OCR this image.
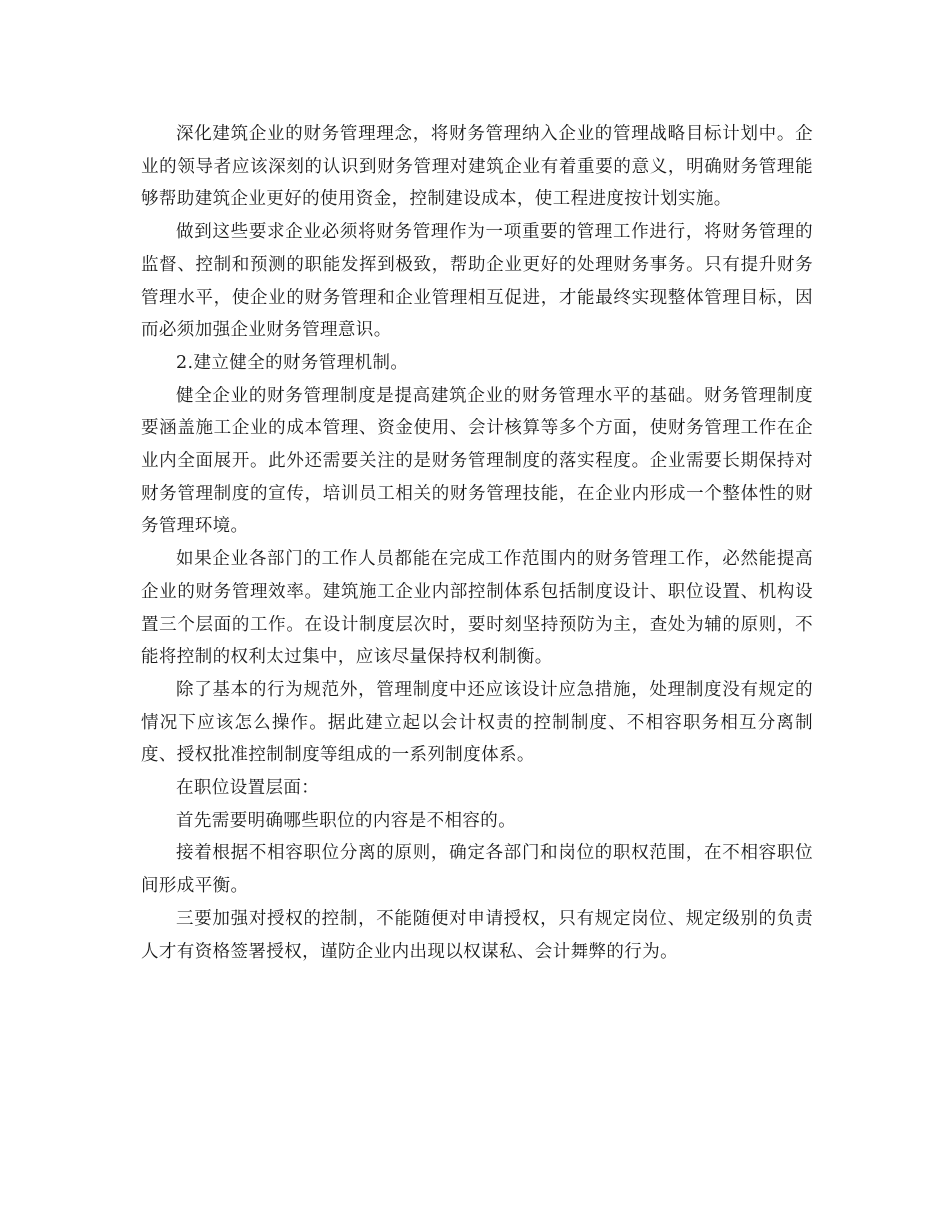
深化建筑企业的财务管理理念，将财务管理纳入企业的管理战略目标计划中。企业的领导者应该深刻的认识到财务管理对建筑企业有着重要的意义，明确财务管理能够帮助建筑企业更好的使用资金，控制建设成本，使工程进度按计划实施。

做到这些要求企业必须将财务管理作为一项重要的管理工作进行，将财务管理的监督、控制和预测的职能发挥到极致，帮助企业更好的处理财务事务。只有提升财务管理水平，使企业的财务管理和企业管理相互促进，才能最终实现整体管理目标，因而必须加强企业财务管理意识。

2.建立健全的财务管理机制。

健全企业的财务管理制度是提高建筑企业的财务管理水平的基础。财务管理制度要涵盖施工企业的成本管理、资金使用、会计核算等多个方面，使财务管理工作在企业内全面展开。此外还需要关注的是财务管理制度的落实程度。企业需要长期保持对财务管理制度的宣传，培训员工相关的财务管理技能，在企业内形成一个整体性的财务管理环境。

如果企业各部门的工作人员都能在完成工作范围内的财务管理工作，必然能提高企业的财务管理效率。建筑施工企业内部控制体系包括制度设计、职位设置、机构设置三个层面的工作。在设计制度层次时，要时刻坚持预防为主，查处为辅的原则，不能将控制的权利太过集中，应该尽量保持权利制衡。

除了基本的行为规范外，管理制度中还应该设计应急措施，处理制度没有规定的情况下应该怎么操作。据此建立起以会计权责的控制制度、不相容职务相互分离制度、授权批准控制制度等组成的一系列制度体系。

在职位设置层面：

首先需要明确哪些职位的内容是不相容的。

接着根据不相容职位分离的原则，确定各部门和岗位的职权范围，在不相容职位间形成平衡。

三要加强对授权的控制，不能随便对申请授权，只有规定岗位、规定级别的负责人才有资格签署授权，谨防企业内出现以权谋私、会计舞弊的行为。
